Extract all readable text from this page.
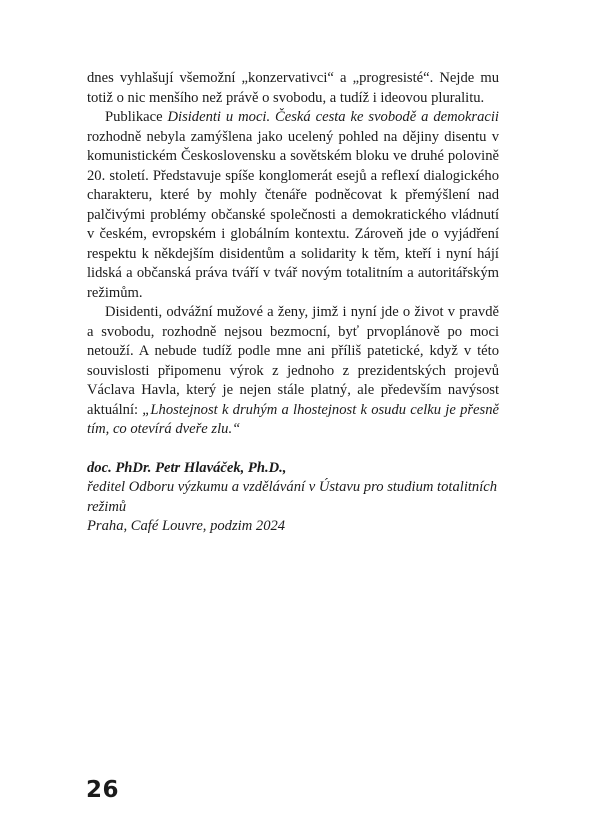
dnes vyhlašují všemožní „konzervativci“ a „progresisté“. Nejde mu totiž o nic menšího než právě o svobodu, a tudíž i ideovou pluralitu.

Publikace Disidenti u moci. Česká cesta ke svobodě a demokracii rozhodně nebyla zamýšlena jako ucelený pohled na dějiny disentu v komunistickém Československu a sovětském bloku ve druhé polovině 20. století. Představuje spíše konglomerát esejů a reflexí dialogického charakteru, které by mohly čtenáře podněcovat k přemýšlení nad palčivými problémy občanské společnosti a demokratického vládnutí v českém, evropském i globálním kontextu. Zároveň jde o vyjádření respektu k někdejším disidentům a solidarity k těm, kteří i nyní hájí lidská a občanská práva tváří v tvář novým totalitním a autoritářským režimům.

Disidenti, odvážní mužové a ženy, jimž i nyní jde o život v pravdě a svobodu, rozhodně nejsou bezmocní, byť prvoplánově po moci netouží. A nebude tudíž podle mne ani příliš patetické, když v této souvislosti připomenu výrok z jednoho z prezidentských projevů Václava Havla, který je nejen stále platný, ale především navýsost aktuální: „Lhostejnost k druhým a lhostejnost k osudu celku je přesně tím, co otevírá dveře zlu.“

doc. PhDr. Petr Hlaváček, Ph.D.,
ředitel Odboru výzkumu a vzdělávání v Ústavu pro studium totalitních režimů
Praha, Café Louvre, podzim 2024
26
